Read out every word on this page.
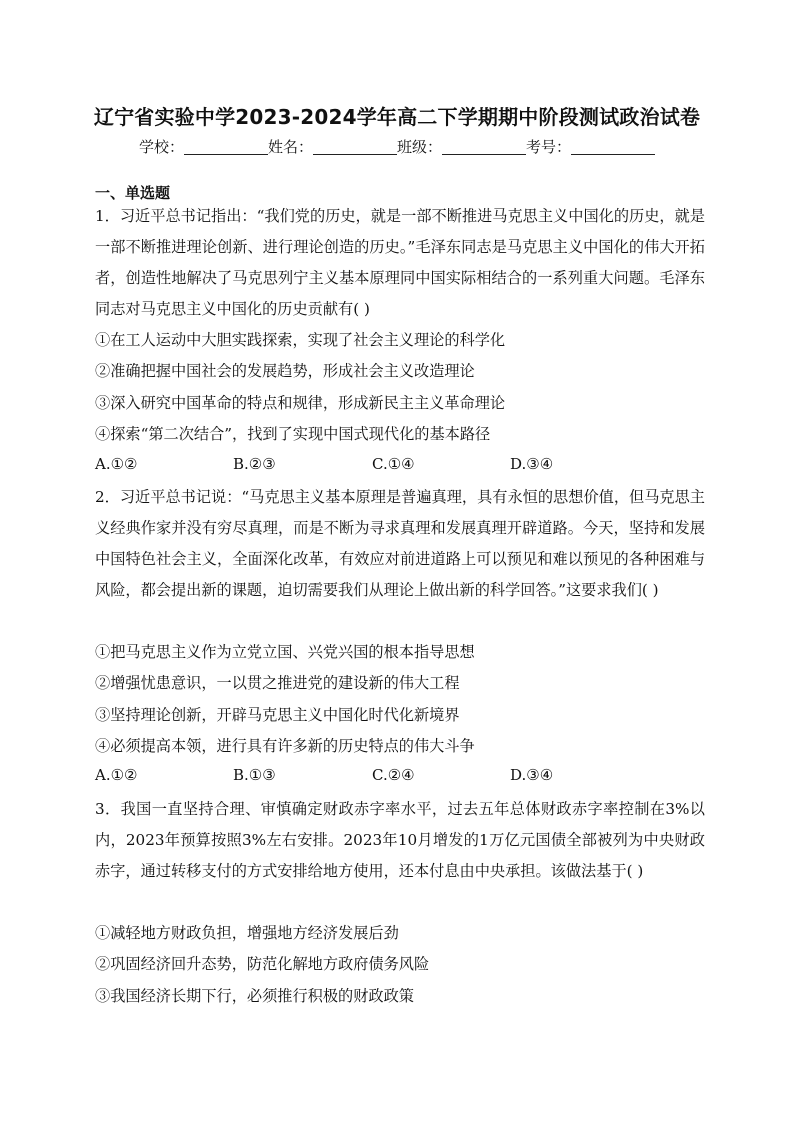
辽宁省实验中学2023-2024学年高二下学期期中阶段测试政治试卷
学校：	姓名：	班级：	考号：
一、单选题
1．习近平总书记指出：“我们党的历史，就是一部不断推进马克思主义中国化的历史，就是一部不断推进理论创新、进行理论创造的历史。”毛泽东同志是马克思主义中国化的伟大开拓者，创造性地解决了马克思列宁主义基本原理同中国实际相结合的一系列重大问题。毛泽东同志对马克思主义中国化的历史贡献有( )
①在工人运动中大胆实践探索，实现了社会主义理论的科学化
②准确把握中国社会的发展趋势，形成社会主义改造理论
③深入研究中国革命的特点和规律，形成新民主主义革命理论
④探索“第二次结合”，找到了实现中国式现代化的基本路径
A.①②	B.②③	C.①④	D.③④
2．习近平总书记说：“马克思主义基本原理是普遍真理，具有永恒的思想价值，但马克思主义经典作家并没有穷尽真理，而是不断为寻求真理和发展真理开辟道路。今天，坚持和发展中国特色社会主义，全面深化改革，有效应对前进道路上可以预见和难以预见的各种困难与风险，都会提出新的课题，迫切需要我们从理论上做出新的科学回答。”这要求我们( )
①把马克思主义作为立党立国、兴党兴国的根本指导思想
②增强忧患意识，一以贯之推进党的建设新的伟大工程
③坚持理论创新，开辟马克思主义中国化时代化新境界
④必须提高本领，进行具有许多新的历史特点的伟大斗争
A.①②	B.①③	C.②④	D.③④
3．我国一直坚持合理、审慎确定财政赤字率水平，过去五年总体财政赤字率控制在3%以内，2023年预算按照3%左右安排。2023年10月增发的1万亿元国债全部被列为中央财政赤字，通过转移支付的方式安排给地方使用，还本付息由中央承担。该做法基于( )
①减轻地方财政负担，增强地方经济发展后劲
②巩固经济回升态势，防范化解地方政府债务风险
③我国经济长期下行，必须推行积极的财政政策
